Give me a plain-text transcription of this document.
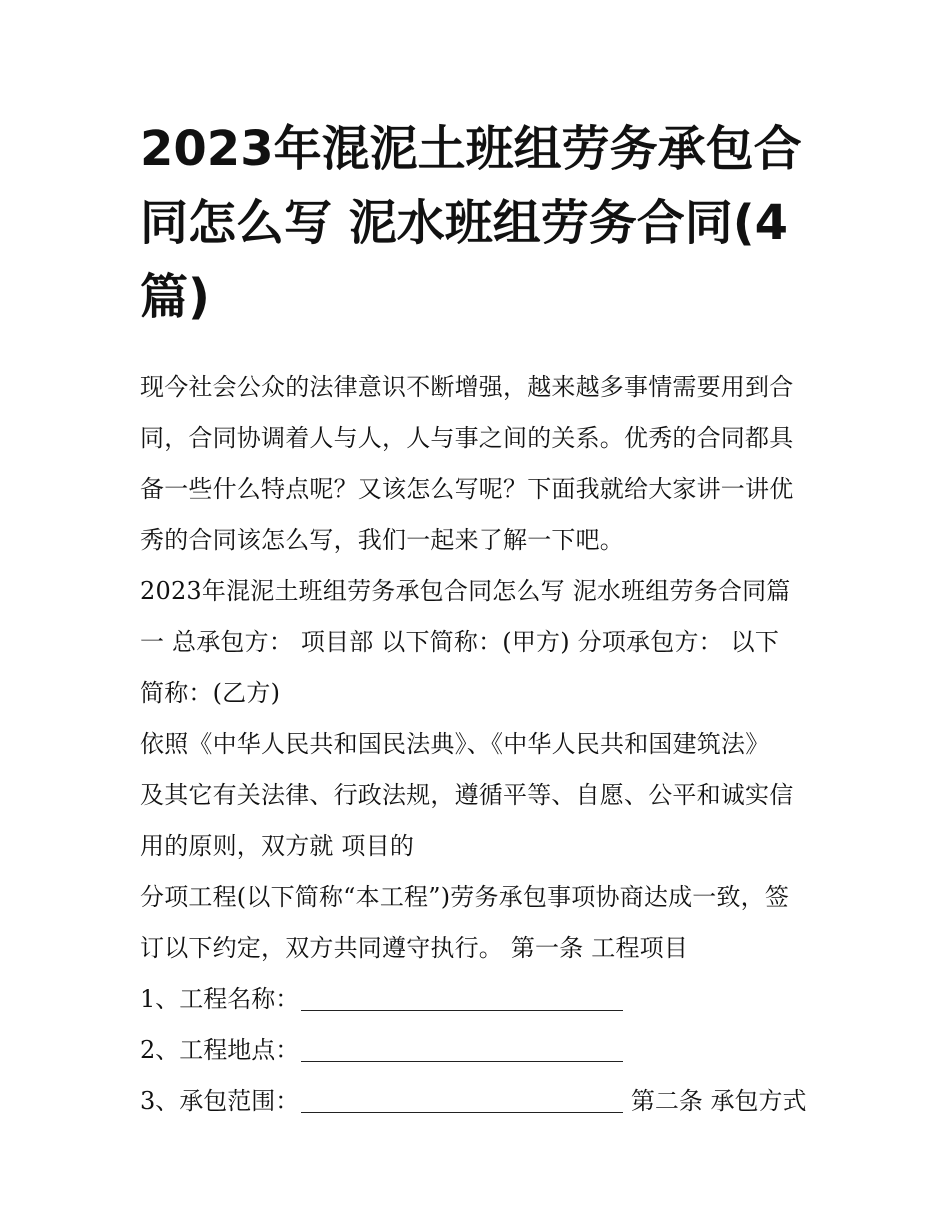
2023年混泥土班组劳务承包合
同怎么写 泥水班组劳务合同(4
篇)

现今社会公众的法律意识不断增强，越来越多事情需要用到合
同，合同协调着人与人，人与事之间的关系。优秀的合同都具
备一些什么特点呢？又该怎么写呢？下面我就给大家讲一讲优
秀的合同该怎么写，我们一起来了解一下吧。

2023年混泥土班组劳务承包合同怎么写 泥水班组劳务合同篇
一 总承包方： 项目部 以下简称：(甲方) 分项承包方： 以下
简称：(乙方)

依照《中华人民共和国民法典》、《中华人民共和国建筑法》
及其它有关法律、行政法规，遵循平等、自愿、公平和诚实信
用的原则，双方就 项目的

分项工程(以下简称“本工程”)劳务承包事项协商达成一致，签
订以下约定，双方共同遵守执行。 第一条 工程项目

1、工程名称：
2、工程地点：
3、承包范围：	第二条 承包方式
